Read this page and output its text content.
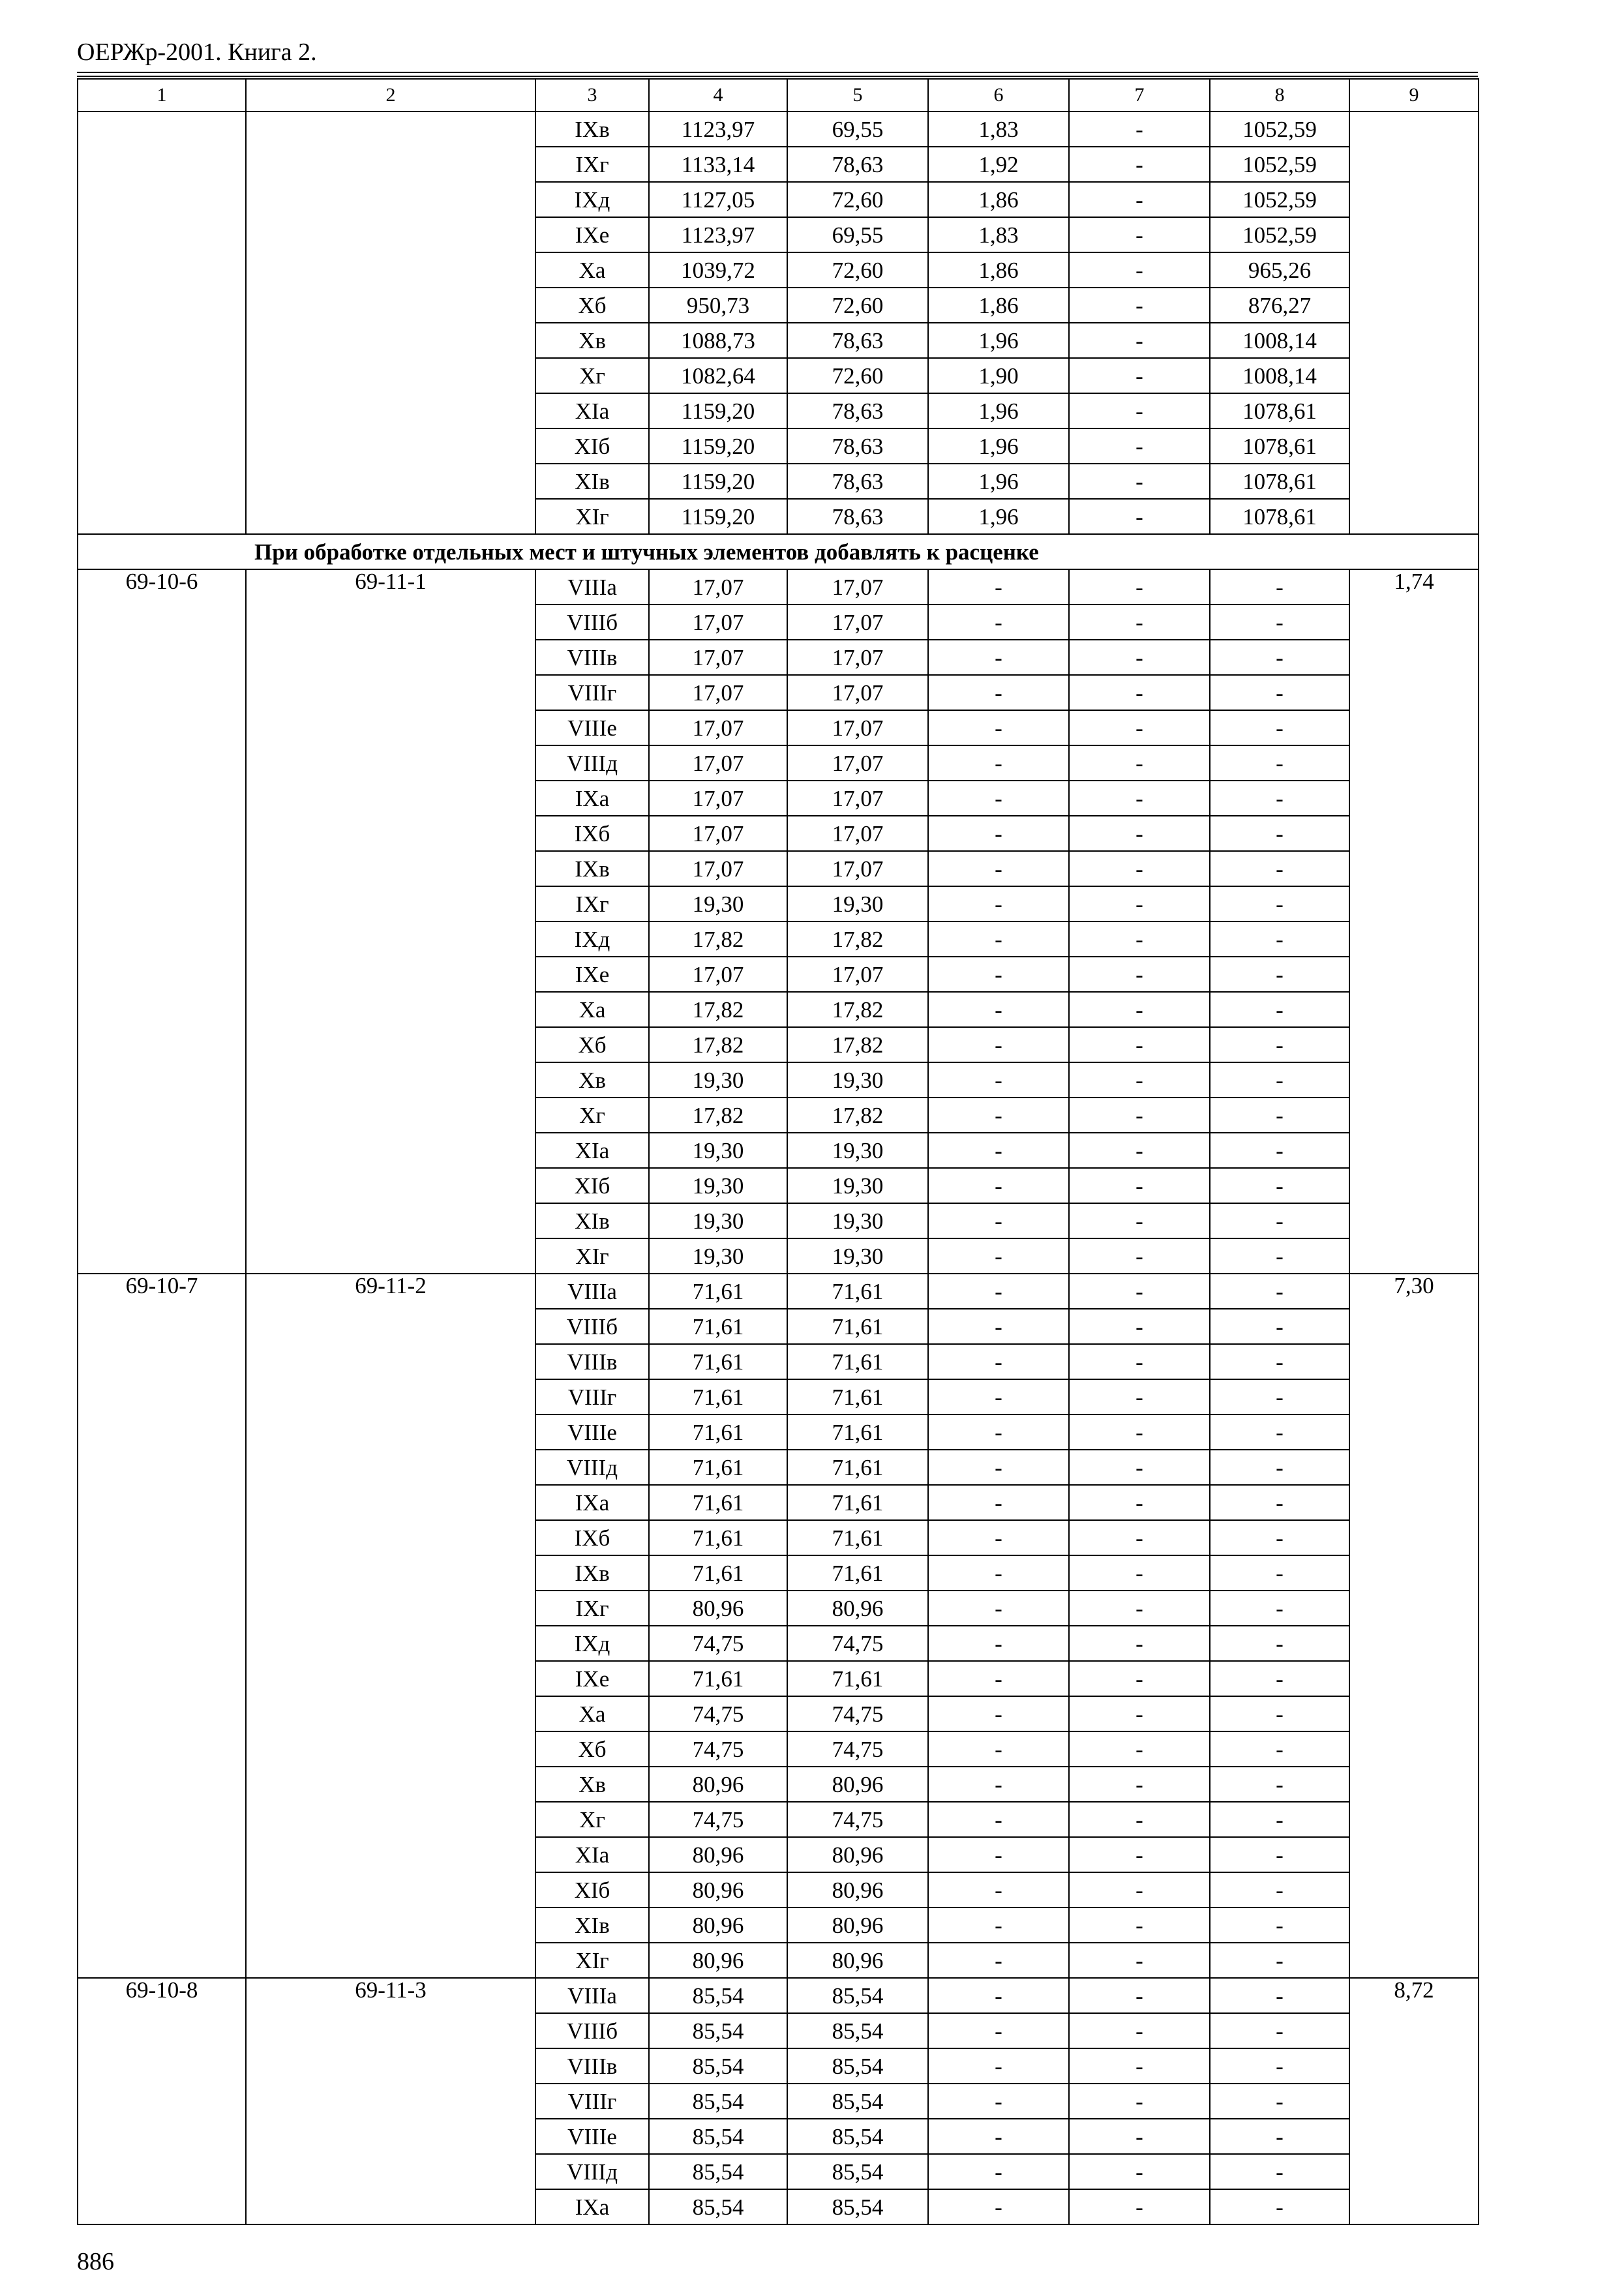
ОЕРЖр-2001. Книга 2.
1	2	3	4	5	6	7	8	9
		IXв	1123,97	69,55	1,83	-	1052,59	
		IXг	1133,14	78,63	1,92	-	1052,59	
		IXд	1127,05	72,60	1,86	-	1052,59	
		IXе	1123,97	69,55	1,83	-	1052,59	
		Xа	1039,72	72,60	1,86	-	965,26	
		Xб	950,73	72,60	1,86	-	876,27	
		Xв	1088,73	78,63	1,96	-	1008,14	
		Xг	1082,64	72,60	1,90	-	1008,14	
		XIа	1159,20	78,63	1,96	-	1078,61	
		XIб	1159,20	78,63	1,96	-	1078,61	
		XIв	1159,20	78,63	1,96	-	1078,61	
		XIг	1159,20	78,63	1,96	-	1078,61	
При обработке отдельных мест и штучных элементов добавлять к расценке								
69-10-6	69-11-1	VIIIа	17,07	17,07	-	-	-	1,74
		VIIIб	17,07	17,07	-	-	-	
		VIIIв	17,07	17,07	-	-	-	
		VIIIг	17,07	17,07	-	-	-	
		VIIIе	17,07	17,07	-	-	-	
		VIIIд	17,07	17,07	-	-	-	
		IXа	17,07	17,07	-	-	-	
		IXб	17,07	17,07	-	-	-	
		IXв	17,07	17,07	-	-	-	
		IXг	19,30	19,30	-	-	-	
		IXд	17,82	17,82	-	-	-	
		IXе	17,07	17,07	-	-	-	
		Xа	17,82	17,82	-	-	-	
		Xб	17,82	17,82	-	-	-	
		Xв	19,30	19,30	-	-	-	
		Xг	17,82	17,82	-	-	-	
		XIа	19,30	19,30	-	-	-	
		XIб	19,30	19,30	-	-	-	
		XIв	19,30	19,30	-	-	-	
		XIг	19,30	19,30	-	-	-	
69-10-7	69-11-2	VIIIа	71,61	71,61	-	-	-	7,30
		VIIIб	71,61	71,61	-	-	-	
		VIIIв	71,61	71,61	-	-	-	
		VIIIг	71,61	71,61	-	-	-	
		VIIIе	71,61	71,61	-	-	-	
		VIIIд	71,61	71,61	-	-	-	
		IXа	71,61	71,61	-	-	-	
		IXб	71,61	71,61	-	-	-	
		IXв	71,61	71,61	-	-	-	
		IXг	80,96	80,96	-	-	-	
		IXд	74,75	74,75	-	-	-	
		IXе	71,61	71,61	-	-	-	
		Xа	74,75	74,75	-	-	-	
		Xб	74,75	74,75	-	-	-	
		Xв	80,96	80,96	-	-	-	
		Xг	74,75	74,75	-	-	-	
		XIа	80,96	80,96	-	-	-	
		XIб	80,96	80,96	-	-	-	
		XIв	80,96	80,96	-	-	-	
		XIг	80,96	80,96	-	-	-	
69-10-8	69-11-3	VIIIа	85,54	85,54	-	-	-	8,72
		VIIIб	85,54	85,54	-	-	-	
		VIIIв	85,54	85,54	-	-	-	
		VIIIг	85,54	85,54	-	-	-	
		VIIIе	85,54	85,54	-	-	-	
		VIIIд	85,54	85,54	-	-	-	
		IXа	85,54	85,54	-	-	-	
886
